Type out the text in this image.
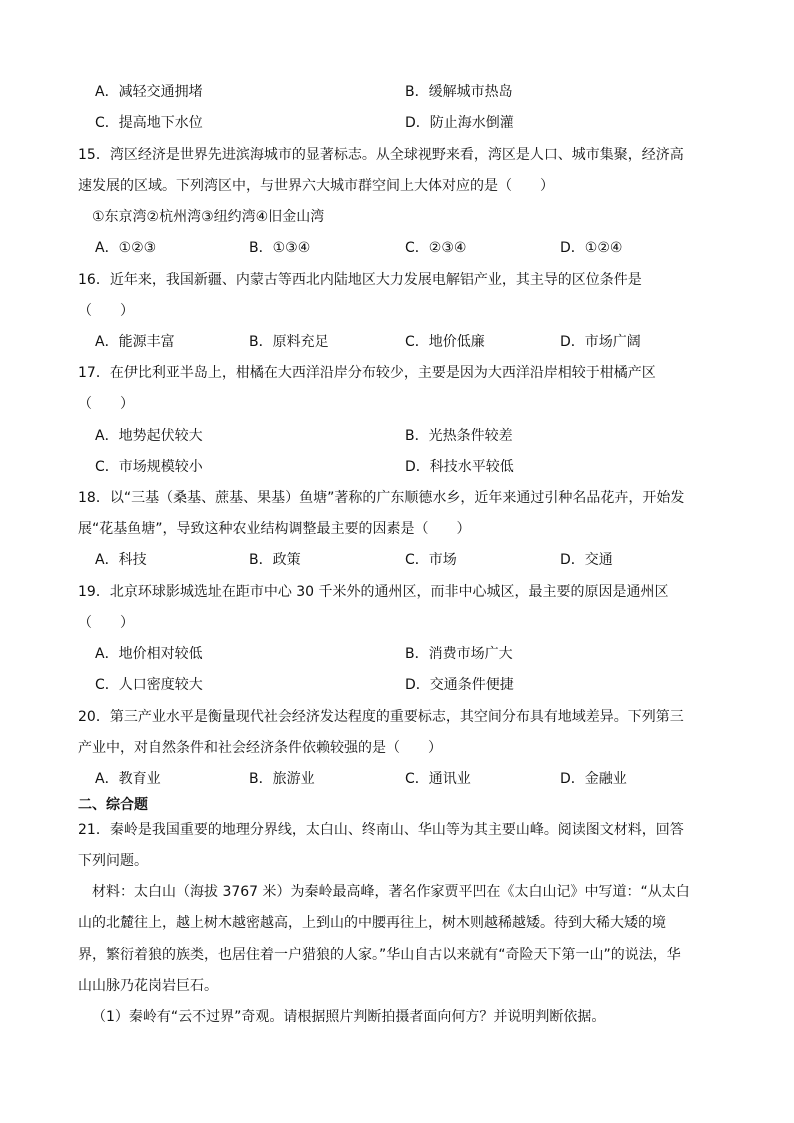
A．减轻交通拥堵	B．缓解城市热岛
C．提高地下水位	D．防止海水倒灌
15．湾区经济是世界先进滨海城市的显著标志。从全球视野来看，湾区是人口、城市集聚，经济高
速发展的区域。下列湾区中，与世界六大城市群空间上大体对应的是（　　）
①东京湾②杭州湾③纽约湾④旧金山湾
A．①②③	B．①③④	C．②③④	D．①②④
16．近年来，我国新疆、内蒙古等西北内陆地区大力发展电解铝产业，其主导的区位条件是
（　　）
A．能源丰富	B．原料充足	C．地价低廉	D．市场广阔
17．在伊比利亚半岛上，柑橘在大西洋沿岸分布较少，主要是因为大西洋沿岸相较于柑橘产区
（　　）
A．地势起伏较大	B．光热条件较差
C．市场规模较小	D．科技水平较低
18．以“三基（桑基、蔗基、果基）鱼塘”著称的广东顺德水乡，近年来通过引种名品花卉，开始发
展“花基鱼塘”，导致这种农业结构调整最主要的因素是（　　）
A．科技	B．政策	C．市场	D．交通
19．北京环球影城选址在距市中心 30 千米外的通州区，而非中心城区，最主要的原因是通州区
（　　）
A．地价相对较低	B．消费市场广大
C．人口密度较大	D．交通条件便捷
20．第三产业水平是衡量现代社会经济发达程度的重要标志，其空间分布具有地域差异。下列第三
产业中，对自然条件和社会经济条件依赖较强的是（　　）
A．教育业	B．旅游业	C．通讯业	D．金融业
二、综合题
21．秦岭是我国重要的地理分界线，太白山、终南山、华山等为其主要山峰。阅读图文材料，回答
下列问题。
材料：太白山（海拔 3767 米）为秦岭最高峰，著名作家贾平凹在《太白山记》中写道：“从太白
山的北麓往上，越上树木越密越高，上到山的中腰再往上，树木则越稀越矮。待到大稀大矮的境
界，繁衍着狼的族类，也居住着一户猎狼的人家。”华山自古以来就有“奇险天下第一山”的说法，华
山山脉乃花岗岩巨石。
（1）秦岭有“云不过界”奇观。请根据照片判断拍摄者面向何方？并说明判断依据。
